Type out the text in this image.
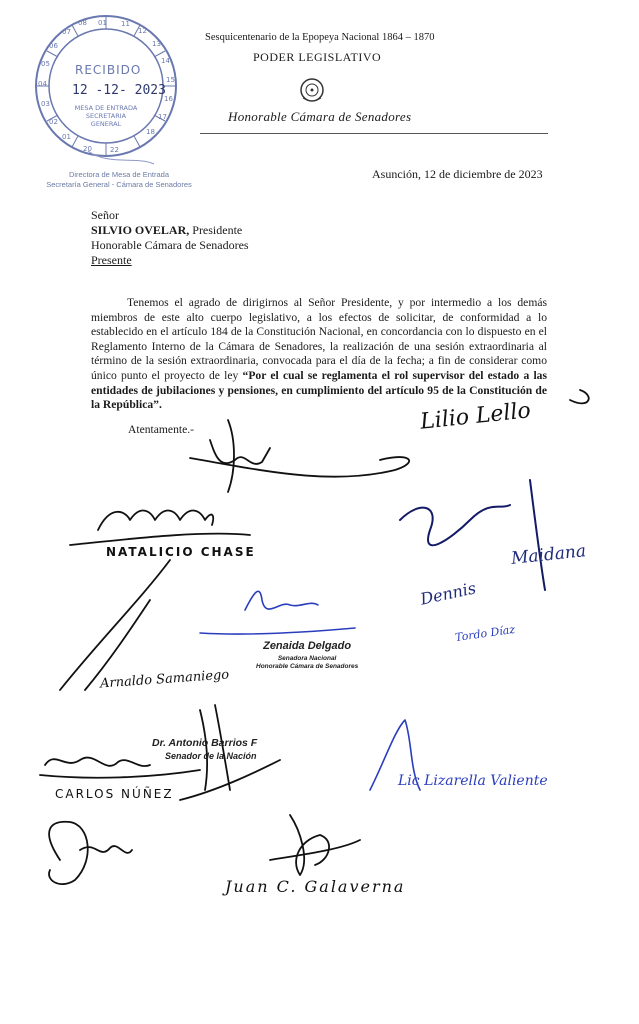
01 11
12
13
14
15
16
17
18
08
07
06
05
04
03
02
01
20	22
RECIBIDO
12 -12- 2023
MESA DE ENTRADA
SECRETARIA
GENERAL
Directora de Mesa de Entrada
Secretaría General - Cámara de Senadores
Sesquicentenario de la Epopeya Nacional 1864 – 1870
PODER LEGISLATIVO
Honorable Cámara de Senadores
Asunción, 12 de diciembre de 2023
Señor
SILVIO OVELAR, Presidente
Honorable Cámara de Senadores
Presente
Tenemos el agrado de dirigirnos al Señor Presidente, y por intermedio a los demás miembros de este alto cuerpo legislativo, a los efectos de solicitar, de conformidad a lo establecido en el artículo 184 de la Constitución Nacional, en concordancia con lo dispuesto en el Reglamento Interno de la Cámara de Senadores, la realización de una sesión extraordinaria al término de la sesión extraordinaria, convocada para el día de la fecha; a fin de considerar como único punto el proyecto de ley “Por el cual se reglamenta el rol supervisor del estado a las entidades de jubilaciones y pensiones, en cumplimiento del artículo 95 de la Constitución de la República”.
Atentamente.-
NATALICIO CHASE
Zenaida Delgado
Senadora Nacional
Honorable Cámara de Senadores
Dr. Antonio Barrios F
Senador de la Nación
Arnaldo Samaniego
CARLOS NÚÑEZ
Lic Lizarella Valiente
Juan C. Galaverna
Maidana
Dennis
Lilio Lello
Tordo Díaz
